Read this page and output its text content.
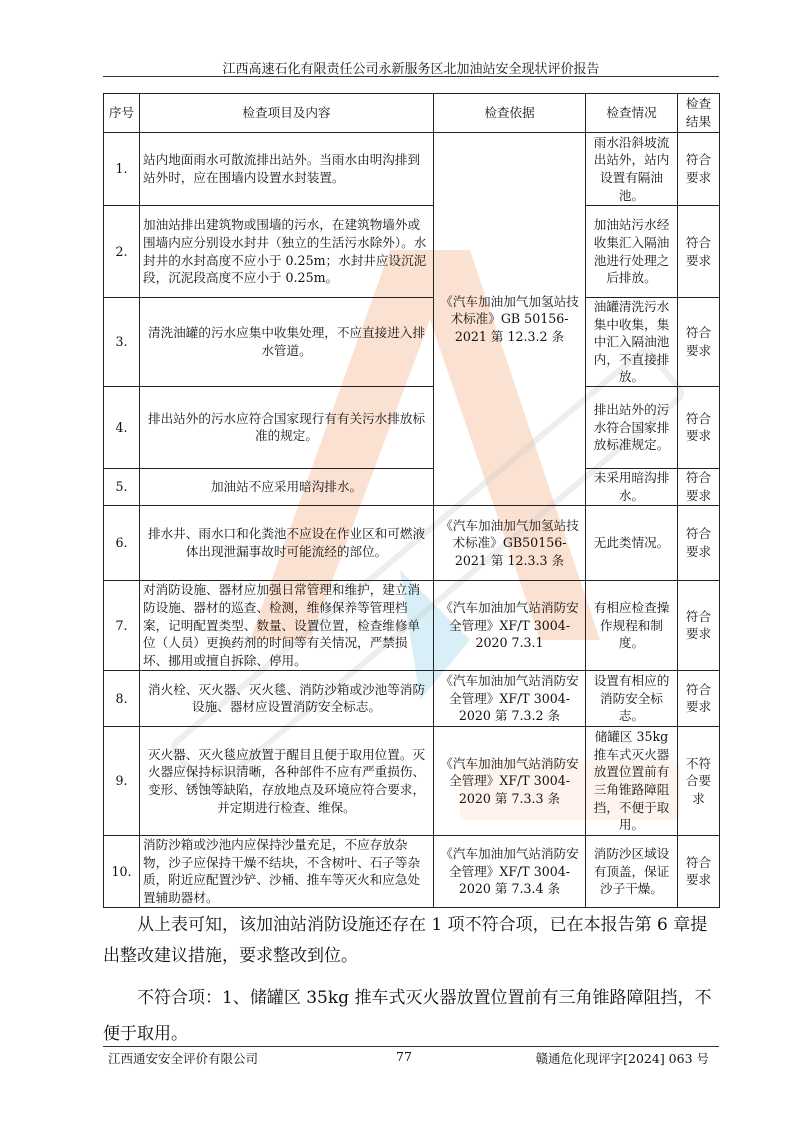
江西高速石化有限责任公司永新服务区北加油站安全现状评价报告
序号	检查项目及内容	检查依据	检查情况	检查结果
1.	站内地面雨水可散流排出站外。当雨水由明沟排到站外时，应在围墙内设置水封装置。	《汽车加油加气加氢站技术标准》GB 50156-2021 第 12.3.2 条	雨水沿斜坡流出站外，站内设置有隔油池。	符合要求
2.	加油站排出建筑物或围墙的污水，在建筑物墙外或围墙内应分别设水封井（独立的生活污水除外）。水封井的水封高度不应小于 0.25m；水封井应设沉泥段，沉泥段高度不应小于 0.25m。		加油站污水经收集汇入隔油池进行处理之后排放。	符合要求
3.	清洗油罐的污水应集中收集处理，不应直接进入排水管道。		油罐清洗污水集中收集，集中汇入隔油池内，不直接排放。	符合要求
4.	排出站外的污水应符合国家现行有有关污水排放标准的规定。		排出站外的污水符合国家排放标准规定。	符合要求
5.	加油站不应采用暗沟排水。		未采用暗沟排水。	符合要求
6.	排水井、雨水口和化粪池不应设在作业区和可燃液体出现泄漏事故时可能流经的部位。	《汽车加油加气加氢站技术标准》GB50156-2021 第 12.3.3 条	无此类情况。	符合要求
7.	对消防设施、器材应加强日常管理和维护，建立消防设施、器材的巡查、检测，维修保养等管理档案，记明配置类型、数量、设置位置，检查维修单位（人员）更换药剂的时间等有关情况，严禁损坏、挪用或擅自拆除、停用。	《汽车加油加气站消防安全管理》XF/T 3004-2020 7.3.1	有相应检查操作规程和制度。	符合要求
8.	消火栓、灭火器、灭火毯、消防沙箱或沙池等消防设施、器材应设置消防安全标志。	《汽车加油加气站消防安全管理》XF/T 3004-2020 第 7.3.2 条	设置有相应的消防安全标志。	符合要求
9.	灭火器、灭火毯应放置于醒目且便于取用位置。灭火器应保持标识清晰，各种部件不应有严重损伤、变形、锈蚀等缺陷，存放地点及环境应符合要求，并定期进行检查、维保。	《汽车加油加气站消防安全管理》XF/T 3004-2020 第 7.3.3 条	储罐区 35kg 推车式灭火器放置位置前有三角锥路障阻挡，不便于取用。	不符合要求
10.	消防沙箱或沙池内应保持沙量充足，不应存放杂物，沙子应保持干燥不结块，不含树叶、石子等杂质，附近应配置沙铲、沙桶、推车等灭火和应急处置辅助器材。	《汽车加油加气站消防安全管理》XF/T 3004-2020 第 7.3.4 条	消防沙区域设有顶盖，保证沙子干燥。	符合要求
从上表可知，该加油站消防设施还存在 1 项不符合项，已在本报告第 6 章提出整改建议措施，要求整改到位。
不符合项：1、储罐区 35kg 推车式灭火器放置位置前有三角锥路障阻挡，不便于取用。
江西通安安全评价有限公司	77	赣通危化现评字[2024] 063 号
